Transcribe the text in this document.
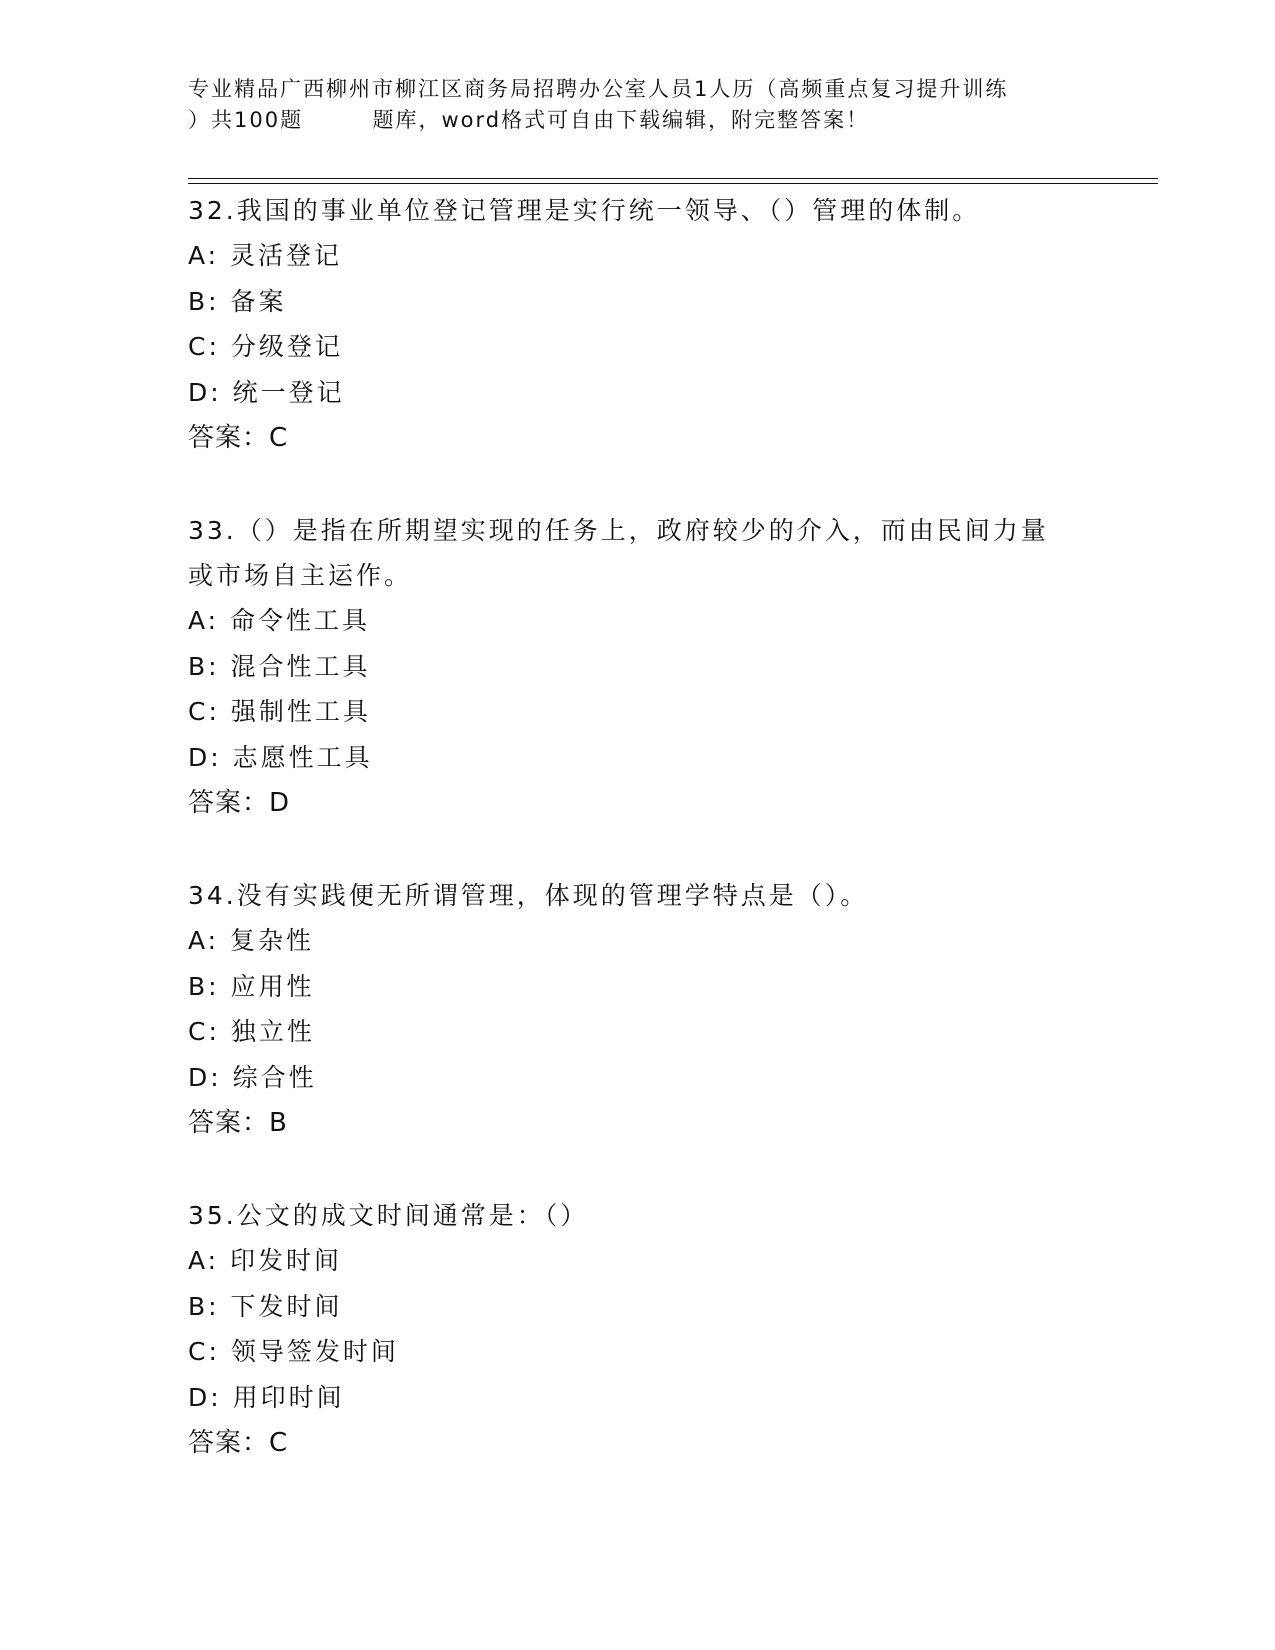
专业精品广西柳州市柳江区商务局招聘办公室人员1人历（高频重点复习提升训练
）共100题        题库，word格式可自由下载编辑，附完整答案！
32.我国的事业单位登记管理是实行统一领导、（）管理的体制。
A: 灵活登记
B: 备案
C: 分级登记
D: 统一登记
答案：C
33.（）是指在所期望实现的任务上，政府较少的介入，而由民间力量
或市场自主运作。
A: 命令性工具
B: 混合性工具
C: 强制性工具
D: 志愿性工具
答案：D
34.没有实践便无所谓管理，体现的管理学特点是（）。
A: 复杂性
B: 应用性
C: 独立性
D: 综合性
答案：B
35.公文的成文时间通常是：（）
A: 印发时间
B: 下发时间
C: 领导签发时间
D: 用印时间
答案：C
